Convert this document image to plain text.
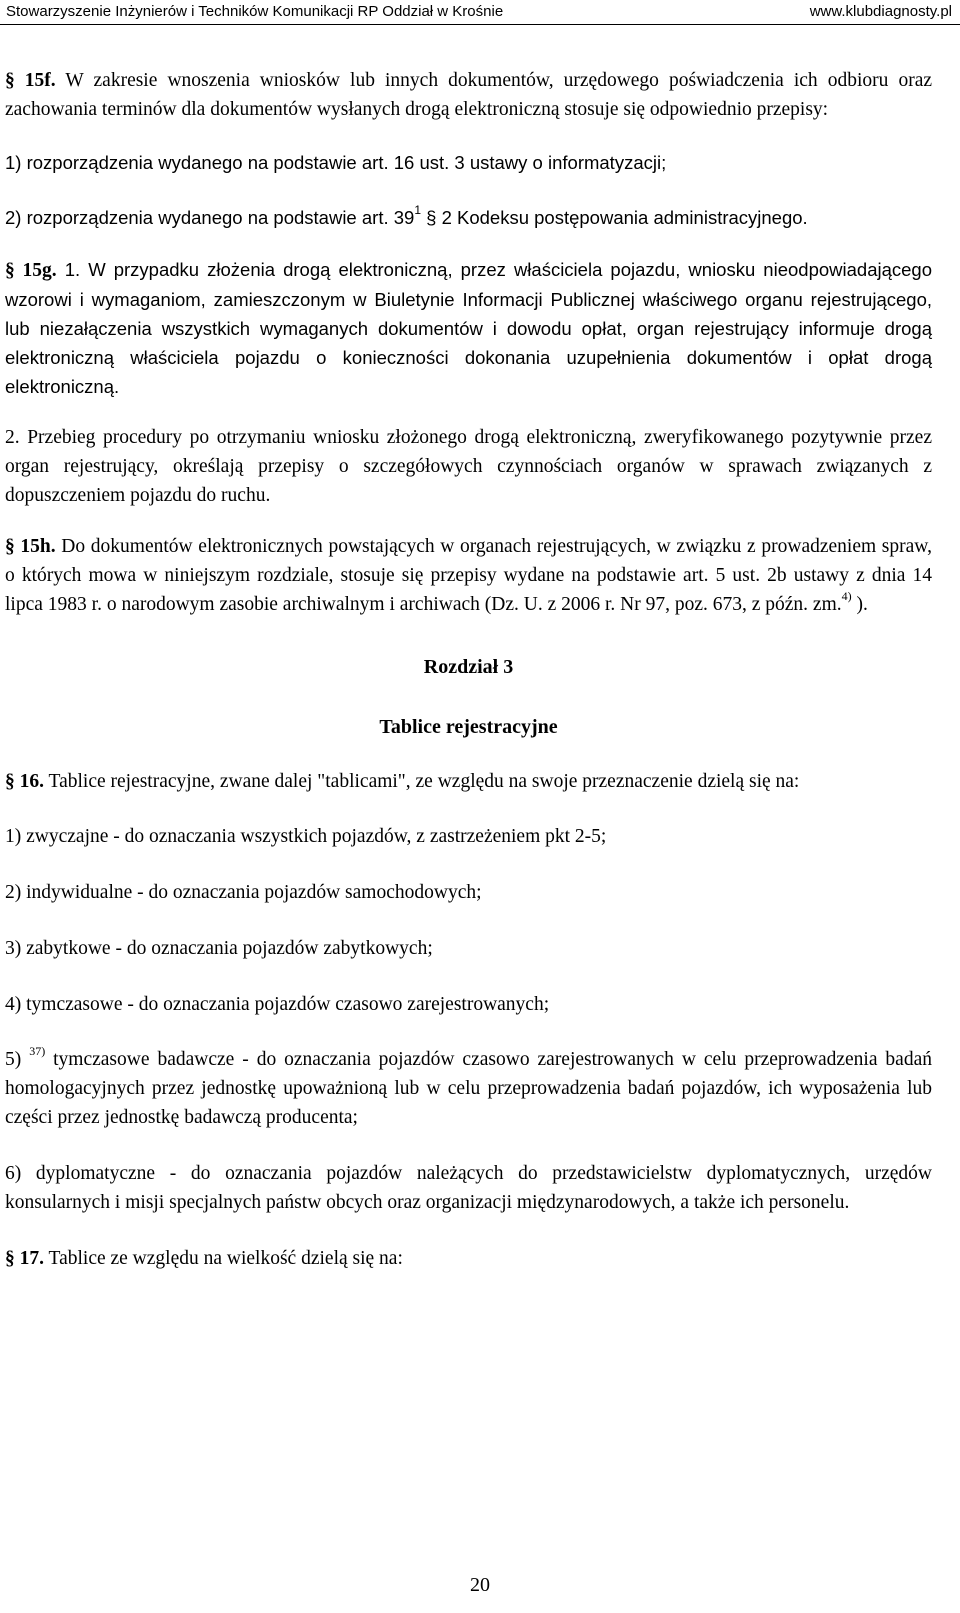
Stowarzyszenie Inżynierów i Techników Komunikacji RP Oddział w Krośnie	www.klubdiagnosty.pl

§ 15f. W zakresie wnoszenia wniosków lub innych dokumentów, urzędowego poświadczenia ich odbioru oraz zachowania terminów dla dokumentów wysłanych drogą elektroniczną stosuje się odpowiednio przepisy:

1) rozporządzenia wydanego na podstawie art. 16 ust. 3 ustawy o informatyzacji;

2) rozporządzenia wydanego na podstawie art. $39^1$ § 2 Kodeksu postępowania administracyjnego.

§ 15g. 1. W przypadku złożenia drogą elektroniczną, przez właściciela pojazdu, wniosku nieodpowiadającego wzorowi i wymaganiom, zamieszczonym w Biuletynie Informacji Publicznej właściwego organu rejestrującego, lub niezałączenia wszystkich wymaganych dokumentów i dowodu opłat, organ rejestrujący informuje drogą elektroniczną właściciela pojazdu o konieczności dokonania uzupełnienia dokumentów i opłat drogą elektroniczną.

2. Przebieg procedury po otrzymaniu wniosku złożonego drogą elektroniczną, zweryfikowanego pozytywnie przez organ rejestrujący, określają przepisy o szczegółowych czynnościach organów w sprawach związanych z dopuszczeniem pojazdu do ruchu.

§ 15h. Do dokumentów elektronicznych powstających w organach rejestrujących, w związku z prowadzeniem spraw, o których mowa w niniejszym rozdziale, stosuje się przepisy wydane na podstawie art. 5 ust. 2b ustawy z dnia 14 lipca 1983 r. o narodowym zasobie archiwalnym i archiwach (Dz. U. z 2006 r. Nr 97, poz. 673, z późn. zm.$^{4)}$ ).

Rozdział 3

Tablice rejestracyjne

§ 16. Tablice rejestracyjne, zwane dalej "tablicami", ze względu na swoje przeznaczenie dzielą się na:

1) zwyczajne - do oznaczania wszystkich pojazdów, z zastrzeżeniem pkt 2-5;

2) indywidualne - do oznaczania pojazdów samochodowych;

3) zabytkowe - do oznaczania pojazdów zabytkowych;

4) tymczasowe - do oznaczania pojazdów czasowo zarejestrowanych;

5) $^{37)}$ tymczasowe badawcze - do oznaczania pojazdów czasowo zarejestrowanych w celu przeprowadzenia badań homologacyjnych przez jednostkę upoważnioną lub w celu przeprowadzenia badań pojazdów, ich wyposażenia lub części przez jednostkę badawczą producenta;

6) dyplomatyczne - do oznaczania pojazdów należących do przedstawicielstw dyplomatycznych, urzędów konsularnych i misji specjalnych państw obcych oraz organizacji międzynarodowych, a także ich personelu.

§ 17. Tablice ze względu na wielkość dzielą się na:

20
